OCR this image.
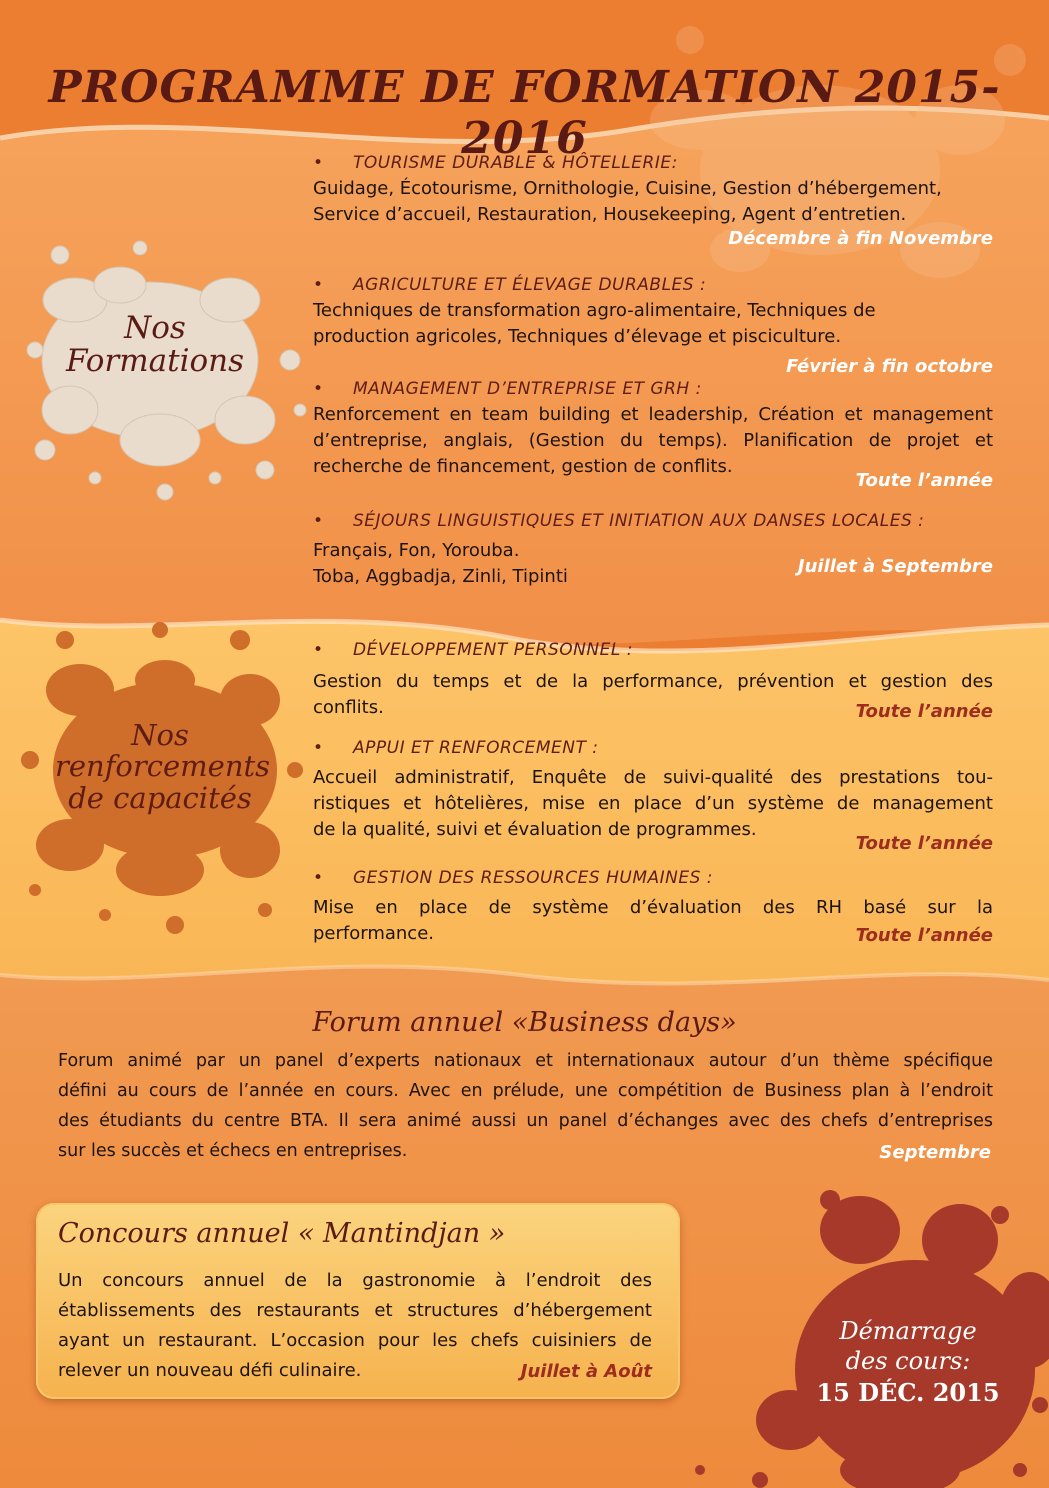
PROGRAMME DE FORMATION 2015-2016
Nos
Formations
• TOURISME DURABLE & HÔTELLERIE:
Guidage, Écotourisme, Ornithologie, Cuisine, Gestion d’hébergement,
Service d’accueil, Restauration, Housekeeping, Agent d’entretien.
Décembre à fin Novembre
• AGRICULTURE ET ÉLEVAGE DURABLES :
Techniques de transformation agro-alimentaire, Techniques de
production agricoles, Techniques d’élevage et pisciculture.
Février à fin octobre
• MANAGEMENT D’ENTREPRISE ET GRH :
Renforcement en team building et leadership, Création et management
d’entreprise, anglais, (Gestion du temps). Planification de projet et
recherche de financement, gestion de conflits.
Toute l’année
• SÉJOURS LINGUISTIQUES ET INITIATION AUX DANSES LOCALES :
Français, Fon, Yorouba.
Toba, Aggbadja, Zinli, Tipinti	Juillet à Septembre
Nos
renforcements
de capacités
• DÉVELOPPEMENT PERSONNEL :
Gestion du temps et de la performance, prévention et gestion des
conflits.	Toute l’année
• APPUI ET RENFORCEMENT :
Accueil administratif, Enquête de suivi-qualité des prestations tou-
ristiques et hôtelières, mise en place d’un système de management
de la qualité, suivi et évaluation de programmes.
Toute l’année
• GESTION DES RESSOURCES HUMAINES :
Mise en place de système d’évaluation des RH basé sur la
performance.	Toute l’année
Forum annuel «Business days»
Forum animé par un panel d’experts nationaux et internationaux autour d’un thème spécifique
défini au cours de l’année en cours. Avec en prélude, une compétition de Business plan à l’endroit
des étudiants du centre BTA. Il sera animé aussi un panel d’échanges avec des chefs d’entreprises
sur les succès et échecs en entreprises.	Septembre
Concours annuel « Mantindjan »
Un concours annuel de la gastronomie à l’endroit des
établissements des restaurants et structures d’hébergement
ayant un restaurant. L’occasion pour les chefs cuisiniers de
relever un nouveau défi culinaire.	Juillet à Août
Démarrage
des cours:
15 DÉC. 2015
